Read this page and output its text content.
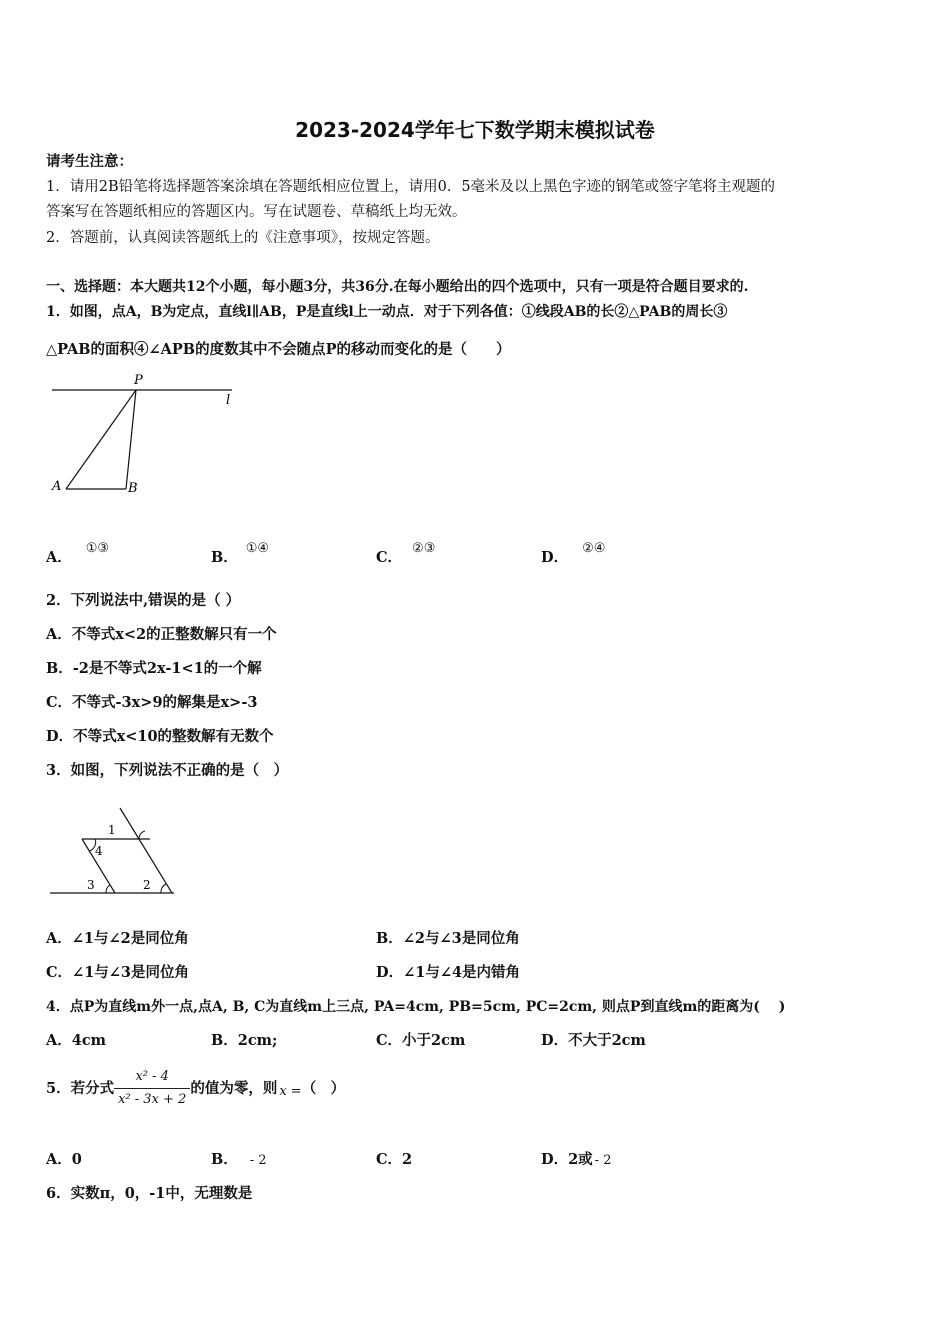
2023-2024学年七下数学期末模拟试卷
请考生注意：
1．请用2B铅笔将选择题答案涂填在答题纸相应位置上，请用0．5毫米及以上黑色字迹的钢笔或签字笔将主观题的
答案写在答题纸相应的答题区内。写在试题卷、草稿纸上均无效。
2．答题前，认真阅读答题纸上的《注意事项》，按规定答题。
一、选择题：本大题共12个小题，每小题3分，共36分.在每小题给出的四个选项中，只有一项是符合题目要求的.
1．如图，点A，B为定点，直线l∥AB，P是直线l上一动点．对于下列各值：①线段AB的长②△PAB的周长③
△PAB的面积④∠APB的度数其中不会随点P的移动而变化的是（　　）
P
l
A	B
A．①③
B．①④
C．②③
D．②④
2．下列说法中,错误的是（ ）
A．不等式x<2的正整数解只有一个
B．-2是不等式2x-1<1的一个解
C．不等式-3x>9的解集是x>-3
D．不等式x<10的整数解有无数个
3．如图，下列说法不正确的是（　）
1
4
3	2
A．∠1与∠2是同位角	B．∠2与∠3是同位角
C．∠1与∠3是同位角	D．∠1与∠4是内错角
4．点P为直线m外一点,点A, B, C为直线m上三点, PA=4cm, PB=5cm, PC=2cm, 则点P到直线m的距离为(　 )
A．4cm	B．2cm;	C．小于2cm	D．不大于2cm
5．若分式 $\frac{\text{x² - 4}}{\text{x² - 3x + 2}}$ 的值为零，则 x = （　）
A．0	B． - 2	C．2	D．2或 - 2
6．实数π，0，-1中，无理数是
